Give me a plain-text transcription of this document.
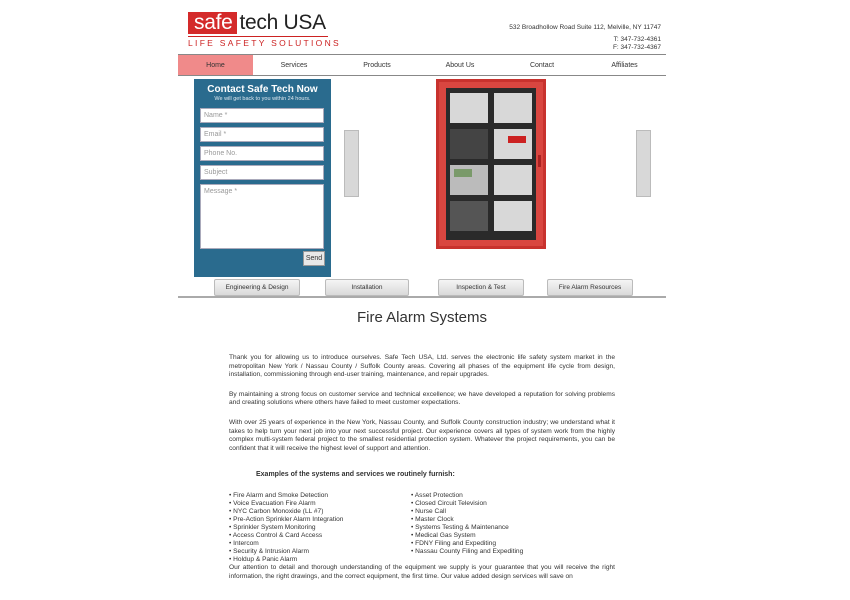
safe tech USA
LIFE SAFETY SOLUTIONS
532 Broadhollow Road Suite 112, Melville, NY 11747
T: 347-732-4361
F: 347-732-4367
Home	Services	Products	About Us	Contact	Affiliates
Contact Safe Tech Now
We will get back to you within 24 hours.
Name *
Email *
Phone No.
Subject
Message *
Send
Engineering & Design	Installation	Inspection & Test	Fire Alarm Resources
Fire Alarm Systems

Thank you for allowing us to introduce ourselves. Safe Tech USA, Ltd. serves the electronic life safety system market in the metropolitan New York / Nassau County / Suffolk County areas. Covering all phases of the equipment life cycle from design, installation, commissioning through end-user training, maintenance, and repair upgrades.

By maintaining a strong focus on customer service and technical excellence; we have developed a reputation for solving problems and creating solutions where others have failed to meet customer expectations.

With over 25 years of experience in the New York, Nassau County, and Suffolk County construction industry; we understand what it takes to help turn your next job into your next successful project. Our experience covers all types of system work from the highly complex multi-system federal project to the smallest residential protection system. Whatever the project requirements, you can be confident that it will receive the highest level of support and attention.

Examples of the systems and services we routinely furnish:
• Fire Alarm and Smoke Detection
• Voice Evacuation Fire Alarm
• NYC Carbon Monoxide (LL #7)
• Pre-Action Sprinkler Alarm Integration
• Sprinkler System Monitoring
• Access Control & Card Access
• Intercom
• Security & Intrusion Alarm
• Holdup & Panic Alarm
• Asset Protection
• Closed Circuit Television
• Nurse Call
• Master Clock
• Systems Testing & Maintenance
• Medical Gas System
• FDNY Filing and Expediting
• Nassau County Filing and Expediting

Our attention to detail and thorough understanding of the equipment we supply is your guarantee that you will receive the right information, the right drawings, and the correct equipment, the first time. Our value added design services will save on
